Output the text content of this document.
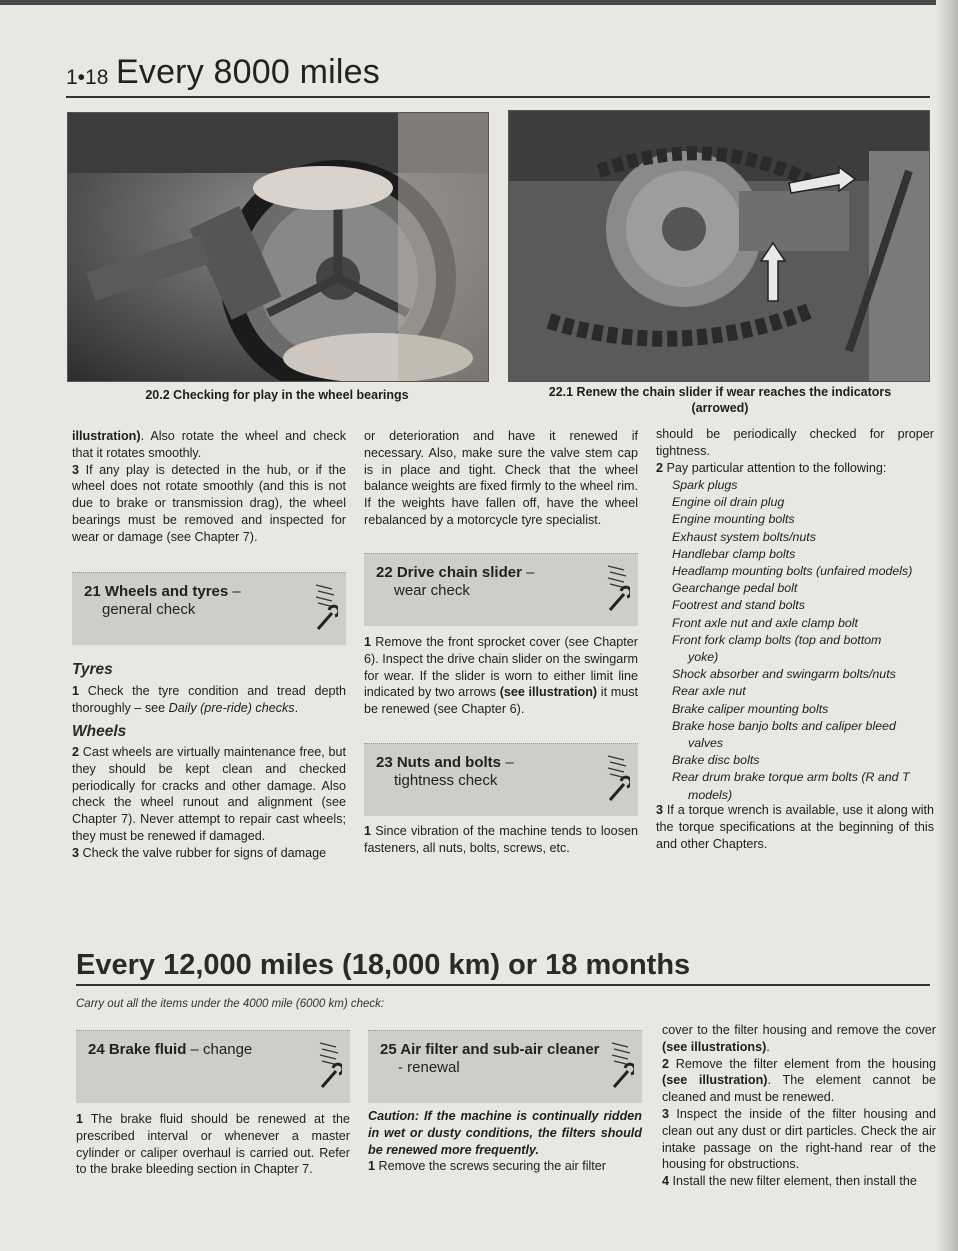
1•18 Every 8000 miles
20.2 Checking for play in the wheel bearings	22.1 Renew the chain slider if wear reaches the indicators
(arrowed)

illustration). Also rotate the wheel and check that it rotates smoothly.

3 If any play is detected in the hub, or if the wheel does not rotate smoothly (and this is not due to brake or transmission drag), the wheel bearings must be removed and inspected for wear or damage (see Chapter 7).

21 Wheels and tyres –
general check
Tyres

1 Check the tyre condition and tread depth thoroughly – see Daily (pre-ride) checks.

Wheels

2 Cast wheels are virtually maintenance free, but they should be kept clean and checked periodically for cracks and other damage. Also check the wheel runout and alignment (see Chapter 7). Never attempt to repair cast wheels; they must be renewed if damaged.

3 Check the valve rubber for signs of damage

or deterioration and have it renewed if necessary. Also, make sure the valve stem cap is in place and tight. Check that the wheel balance weights are fixed firmly to the wheel rim. If the weights have fallen off, have the wheel rebalanced by a motorcycle tyre specialist.

22 Drive chain slider –
wear check

1 Remove the front sprocket cover (see Chapter 6). Inspect the drive chain slider on the swingarm for wear. If the slider is worn to either limit line indicated by two arrows (see illustration) it must be renewed (see Chapter 6).

23 Nuts and bolts –
tightness check

1 Since vibration of the machine tends to loosen fasteners, all nuts, bolts, screws, etc.

should be periodically checked for proper tightness.

2 Pay particular attention to the following:

Spark plugs
Engine oil drain plug
Engine mounting bolts
Exhaust system bolts/nuts
Handlebar clamp bolts
Headlamp mounting bolts (unfaired models)
Gearchange pedal bolt
Footrest and stand bolts
Front axle nut and axle clamp bolt
Front fork clamp bolts (top and bottom
yoke)
Shock absorber and swingarm bolts/nuts
Rear axle nut
Brake caliper mounting bolts
Brake hose banjo bolts and caliper bleed
valves
Brake disc bolts
Rear drum brake torque arm bolts (R and T
models)

3 If a torque wrench is available, use it along with the torque specifications at the beginning of this and other Chapters.

Every 12,000 miles (18,000 km) or 18 months
Carry out all the items under the 4000 mile (6000 km) check:
24 Brake fluid – change

1 The brake fluid should be renewed at the prescribed interval or whenever a master cylinder or caliper overhaul is carried out. Refer to the brake bleeding section in Chapter 7.

25 Air filter and sub-air cleaner
- renewal

Caution: If the machine is continually ridden in wet or dusty conditions, the filters should be renewed more frequently.

1 Remove the screws securing the air filter

cover to the filter housing and remove the cover (see illustrations).

2 Remove the filter element from the housing (see illustration). The element cannot be cleaned and must be renewed.

3 Inspect the inside of the filter housing and clean out any dust or dirt particles. Check the air intake passage on the right-hand rear of the housing for obstructions.

4 Install the new filter element, then install the
